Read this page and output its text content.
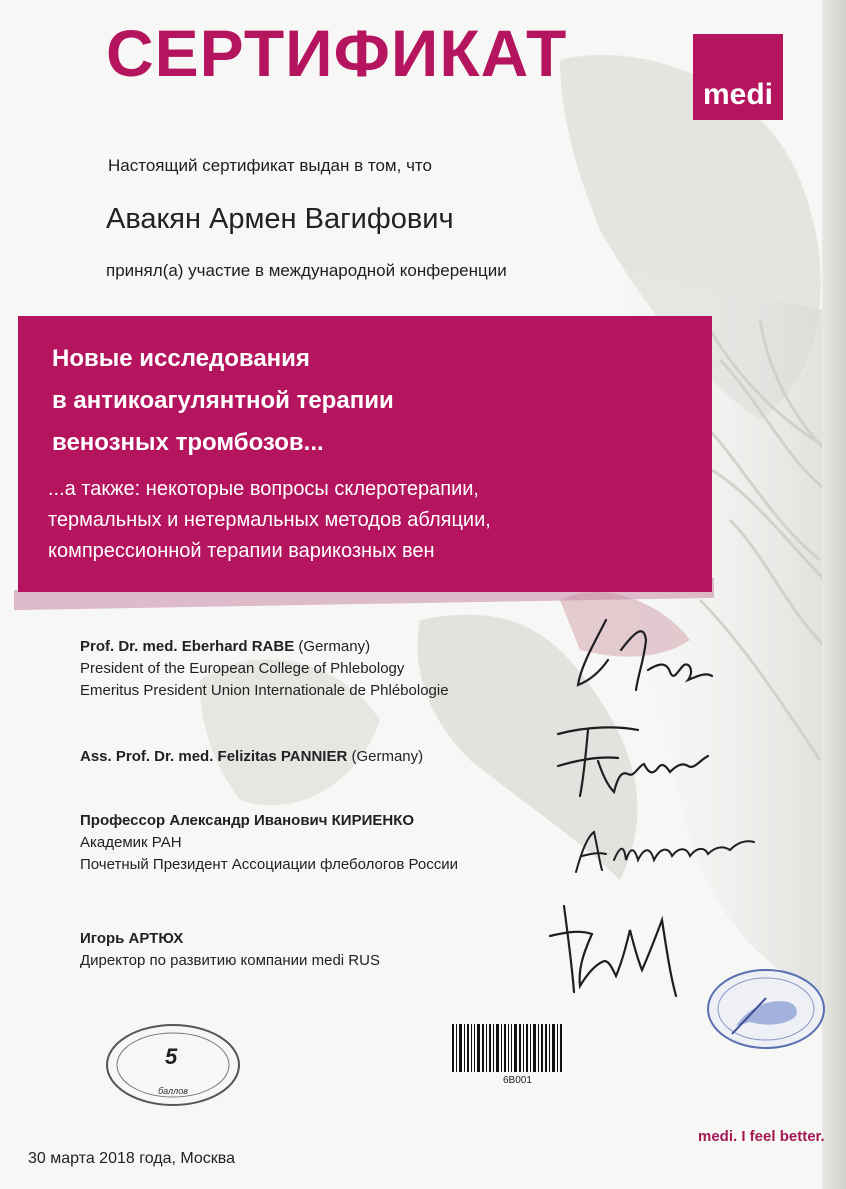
СЕРТИФИКАТ
medi
Настоящий сертификат выдан в том, что
Авакян Армен Вагифович
принял(а) участие в международной конференции
Новые исследования
в антикоагулянтной терапии
венозных тромбозов...
...а также: некоторые вопросы склеротерапии,
термальных и нетермальных методов абляции,
компрессионной терапии варикозных вен
Prof. Dr. med. Eberhard RABE (Germany)
President of the European College of Phlebology
Emeritus President Union Internationale de Phlébologie
Ass. Prof. Dr. med. Felizitas PANNIER (Germany)
Профессор Александр Иванович КИРИЕНКО
Академик РАН
Почетный Президент Ассоциации флебологов России
Игорь АРТЮХ
Директор по развитию компании medi RUS
баллов
5
6B001
30 марта 2018 года, Москва
medi. I feel better.
